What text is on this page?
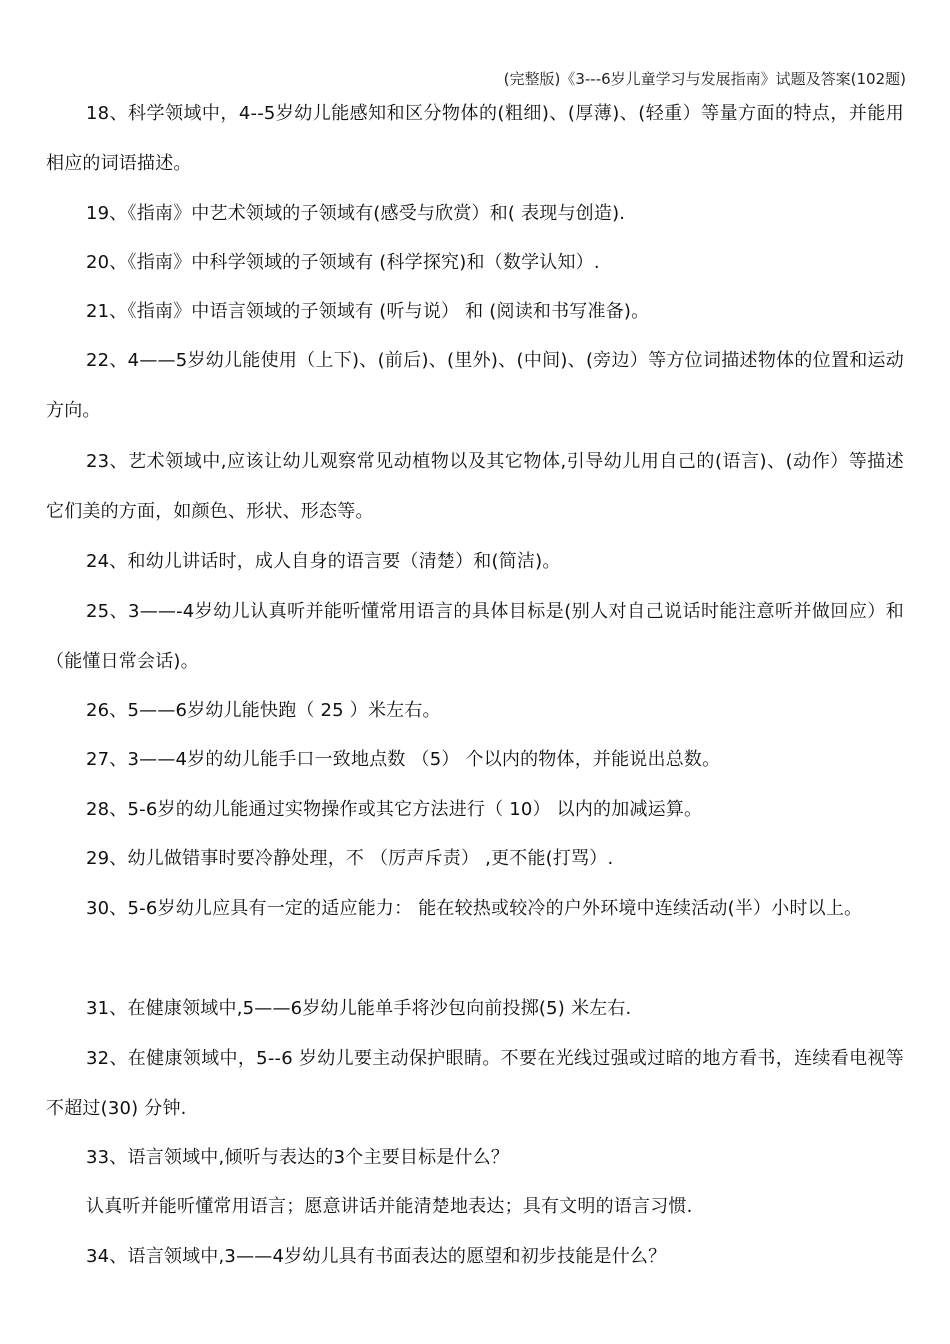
(完整版)《3---6岁儿童学习与发展指南》试题及答案(102题)

18、科学领域中，4--5岁幼儿能感知和区分物体的(粗细)、(厚薄)、(轻重）等量方面的特点，并能用相应的词语描述。

19、《指南》中艺术领域的子领域有(感受与欣赏）和( 表现与创造).

20、《指南》中科学领域的子领域有 (科学探究)和（数学认知）.

21、《指南》中语言领域的子领域有 (听与说） 和 (阅读和书写准备)。

22、4——5岁幼儿能使用（上下)、(前后)、(里外)、(中间)、(旁边）等方位词描述物体的位置和运动方向。

23、艺术领域中,应该让幼儿观察常见动植物以及其它物体,引导幼儿用自己的(语言)、(动作）等描述它们美的方面，如颜色、形状、形态等。

24、和幼儿讲话时，成人自身的语言要（清楚）和(简洁)。

25、3——-4岁幼儿认真听并能听懂常用语言的具体目标是(别人对自己说话时能注意听并做回应）和（能懂日常会话)。

26、5——6岁幼儿能快跑（ 25 ）米左右。

27、3——4岁的幼儿能手口一致地点数 （5） 个以内的物体，并能说出总数。

28、5-6岁的幼儿能通过实物操作或其它方法进行（ 10） 以内的加减运算。

29、幼儿做错事时要冷静处理，不 （厉声斥责） ,更不能(打骂）.

30、5-6岁幼儿应具有一定的适应能力： 能在较热或较冷的户外环境中连续活动(半）小时以上。

31、在健康领域中,5——6岁幼儿能单手将沙包向前投掷(5) 米左右.

32、在健康领域中，5--6 岁幼儿要主动保护眼睛。不要在光线过强或过暗的地方看书，连续看电视等不超过(30) 分钟.

33、语言领域中,倾听与表达的3个主要目标是什么？

认真听并能听懂常用语言；愿意讲话并能清楚地表达；具有文明的语言习惯.

34、语言领域中,3——4岁幼儿具有书面表达的愿望和初步技能是什么？
